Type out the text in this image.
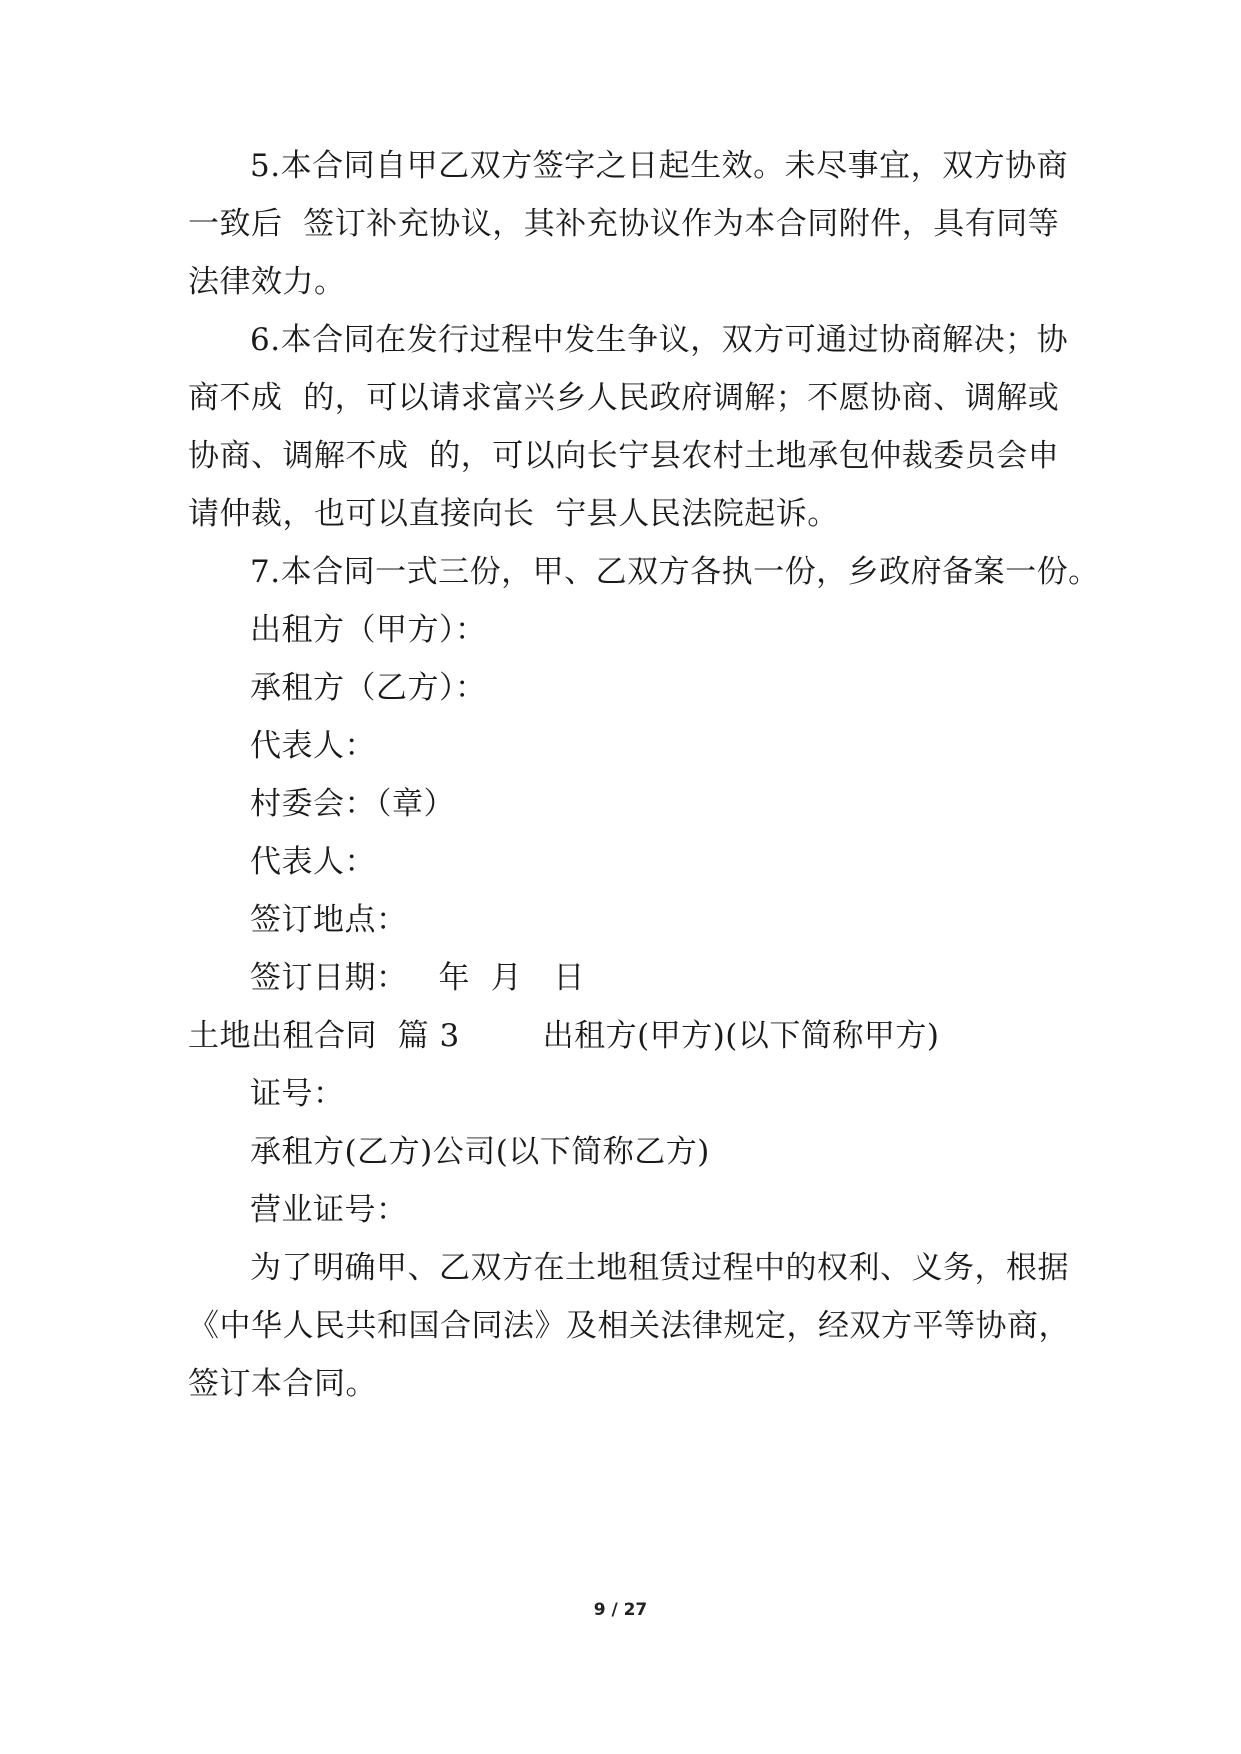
5.本合同自甲乙双方签字之日起生效。未尽事宜，双方协商
一致后  签订补充协议，其补充协议作为本合同附件，具有同等
法律效力。
6.本合同在发行过程中发生争议，双方可通过协商解决；协
商不成  的，可以请求富兴乡人民政府调解；不愿协商、调解或
协商、调解不成  的，可以向长宁县农村土地承包仲裁委员会申
请仲裁，也可以直接向长  宁县人民法院起诉。
7.本合同一式三份，甲、乙双方各执一份，乡政府备案一份。
出租方（甲方）：
承租方（乙方）：
代表人：
村委会：（章）
代表人：
签订地点：
签订日期：   年  月   日
土地出租合同  篇 3        出租方(甲方)(以下简称甲方)
证号：
承租方(乙方)公司(以下简称乙方)
营业证号：
为了明确甲、乙双方在土地租赁过程中的权利、义务，根据
《中华人民共和国合同法》及相关法律规定，经双方平等协商，
签订本合同。
9 / 27
